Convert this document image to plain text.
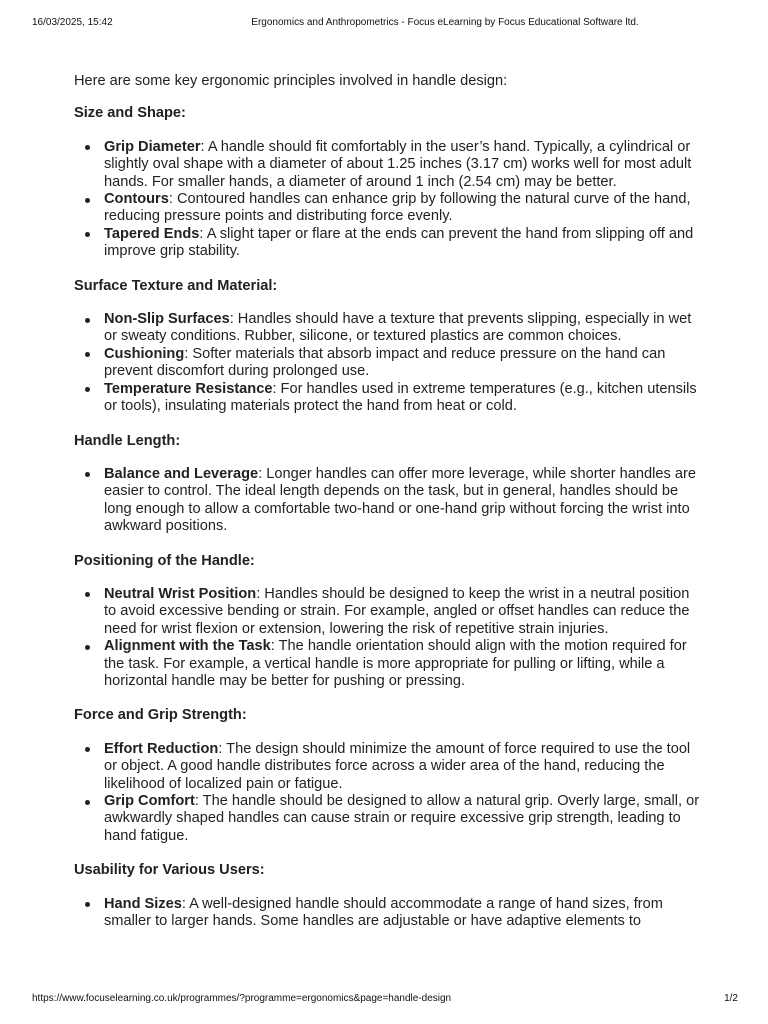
16/03/2025, 15:42	Ergonomics and Anthropometrics - Focus eLearning by Focus Educational Software ltd.

Here are some key ergonomic principles involved in handle design:

Size and Shape:

Grip Diameter: A handle should fit comfortably in the user’s hand. Typically, a cylindrical or slightly oval shape with a diameter of about 1.25 inches (3.17 cm) works well for most adult hands. For smaller hands, a diameter of around 1 inch (2.54 cm) may be better.
Contours: Contoured handles can enhance grip by following the natural curve of the hand, reducing pressure points and distributing force evenly.
Tapered Ends: A slight taper or flare at the ends can prevent the hand from slipping off and improve grip stability.

Surface Texture and Material:

Non-Slip Surfaces: Handles should have a texture that prevents slipping, especially in wet or sweaty conditions. Rubber, silicone, or textured plastics are common choices.
Cushioning: Softer materials that absorb impact and reduce pressure on the hand can prevent discomfort during prolonged use.
Temperature Resistance: For handles used in extreme temperatures (e.g., kitchen utensils or tools), insulating materials protect the hand from heat or cold.

Handle Length:

Balance and Leverage: Longer handles can offer more leverage, while shorter handles are easier to control. The ideal length depends on the task, but in general, handles should be long enough to allow a comfortable two-hand or one-hand grip without forcing the wrist into awkward positions.

Positioning of the Handle:

Neutral Wrist Position: Handles should be designed to keep the wrist in a neutral position to avoid excessive bending or strain. For example, angled or offset handles can reduce the need for wrist flexion or extension, lowering the risk of repetitive strain injuries.
Alignment with the Task: The handle orientation should align with the motion required for the task. For example, a vertical handle is more appropriate for pulling or lifting, while a horizontal handle may be better for pushing or pressing.

Force and Grip Strength:

Effort Reduction: The design should minimize the amount of force required to use the tool or object. A good handle distributes force across a wider area of the hand, reducing the likelihood of localized pain or fatigue.
Grip Comfort: The handle should be designed to allow a natural grip. Overly large, small, or awkwardly shaped handles can cause strain or require excessive grip strength, leading to hand fatigue.

Usability for Various Users:

Hand Sizes: A well-designed handle should accommodate a range of hand sizes, from smaller to larger hands. Some handles are adjustable or have adaptive elements to
https://www.focuselearning.co.uk/programmes/?programme=ergonomics&page=handle-design	1/2
